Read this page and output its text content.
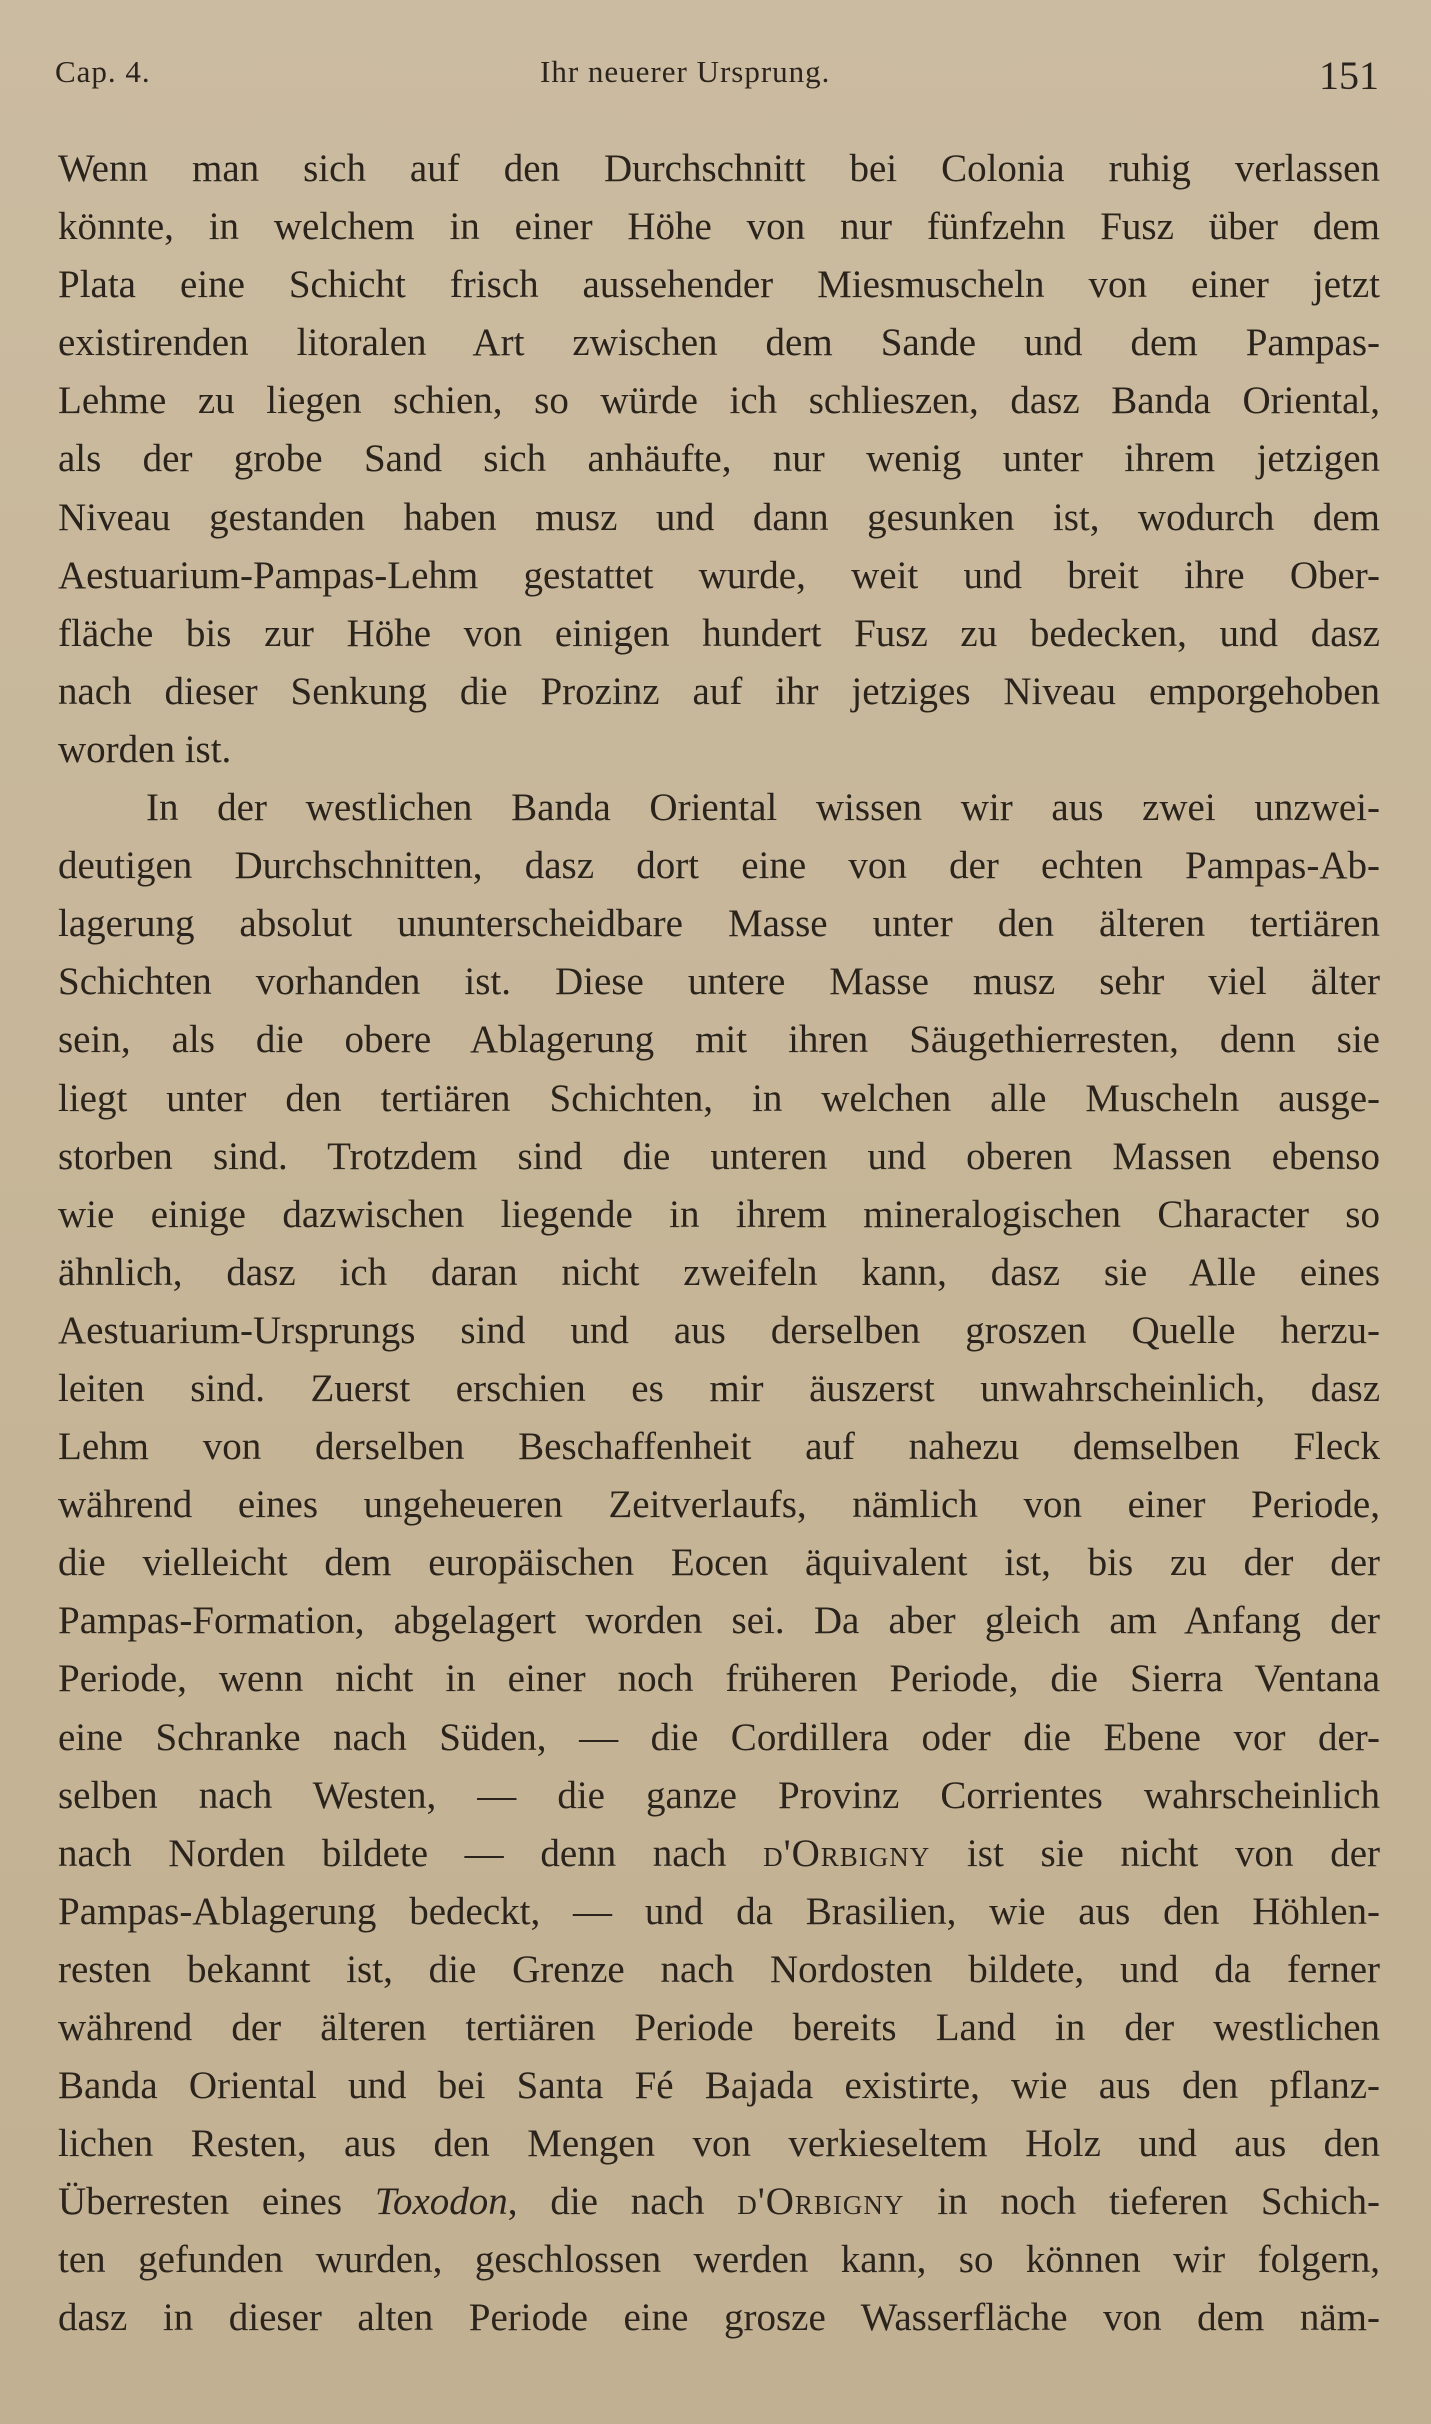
Cap. 4.	Ihr neuerer Ursprung.	151
Wenn man sich auf den Durchschnitt bei Colonia ruhig verlassen
könnte, in welchem in einer Höhe von nur fünfzehn Fusz über dem
Plata eine Schicht frisch aussehender Miesmuscheln von einer jetzt
existirenden litoralen Art zwischen dem Sande und dem Pampas-
Lehme zu liegen schien, so würde ich schlieszen, dasz Banda Oriental,
als der grobe Sand sich anhäufte, nur wenig unter ihrem jetzigen
Niveau gestanden haben musz und dann gesunken ist, wodurch dem
Aestuarium-Pampas-Lehm gestattet wurde, weit und breit ihre Ober-
fläche bis zur Höhe von einigen hundert Fusz zu bedecken, und dasz
nach dieser Senkung die Prozinz auf ihr jetziges Niveau emporgehoben
worden ist.
In der westlichen Banda Oriental wissen wir aus zwei unzwei-
deutigen Durchschnitten, dasz dort eine von der echten Pampas-Ab-
lagerung absolut ununterscheidbare Masse unter den älteren tertiären
Schichten vorhanden ist. Diese untere Masse musz sehr viel älter
sein, als die obere Ablagerung mit ihren Säugethierresten, denn sie
liegt unter den tertiären Schichten, in welchen alle Muscheln ausge-
storben sind. Trotzdem sind die unteren und oberen Massen ebenso
wie einige dazwischen liegende in ihrem mineralogischen Character so
ähnlich, dasz ich daran nicht zweifeln kann, dasz sie Alle eines
Aestuarium-Ursprungs sind und aus derselben groszen Quelle herzu-
leiten sind. Zuerst erschien es mir äuszerst unwahrscheinlich, dasz
Lehm von derselben Beschaffenheit auf nahezu demselben Fleck
während eines ungeheueren Zeitverlaufs, nämlich von einer Periode,
die vielleicht dem europäischen Eocen äquivalent ist, bis zu der der
Pampas-Formation, abgelagert worden sei. Da aber gleich am Anfang der
Periode, wenn nicht in einer noch früheren Periode, die Sierra Ventana
eine Schranke nach Süden, — die Cordillera oder die Ebene vor der-
selben nach Westen, — die ganze Provinz Corrientes wahrscheinlich
nach Norden bildete — denn nach d'Orbigny ist sie nicht von der
Pampas-Ablagerung bedeckt, — und da Brasilien, wie aus den Höhlen-
resten bekannt ist, die Grenze nach Nordosten bildete, und da ferner
während der älteren tertiären Periode bereits Land in der westlichen
Banda Oriental und bei Santa Fé Bajada existirte, wie aus den pflanz-
lichen Resten, aus den Mengen von verkieseltem Holz und aus den
Überresten eines Toxodon, die nach d'Orbigny in noch tieferen Schich-
ten gefunden wurden, geschlossen werden kann, so können wir folgern,
dasz in dieser alten Periode eine grosze Wasserfläche von dem näm-
